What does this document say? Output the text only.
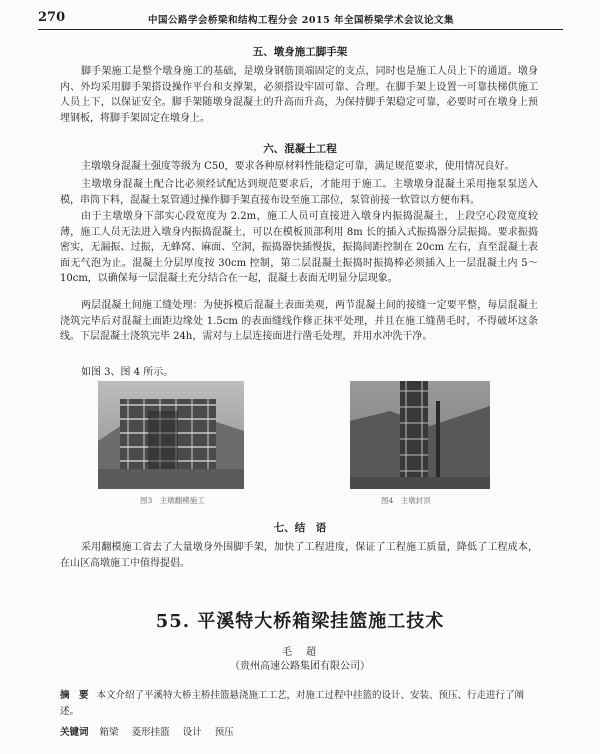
270	中国公路学会桥梁和结构工程分会 2015 年全国桥梁学术会议论文集
五、墩身施工脚手架

脚手架施工是整个墩身施工的基础，是墩身钢筋顶端固定的支点，同时也是施工人员上下的通道。墩身内、外均采用脚手架搭设操作平台和支撑架，必须搭设牢固可靠、合理。在脚手架上设置一可靠扶梯供施工人员上下，以保证安全。脚手架随墩身混凝土的升高而升高，为保持脚手架稳定可靠，必要时可在墩身上预埋钢板，将脚手架固定在墩身上。

六、混凝土工程

主墩墩身混凝土强度等级为 C50，要求各种原材料性能稳定可靠，满足规范要求，使用情况良好。

主墩墩身混凝土配合比必须经试配达到规范要求后，才能用于施工。主墩墩身混凝土采用拖泵泵送入模，串筒下料，混凝土泵管通过操作脚手架直接布设至施工部位，泵管前接一软管以方便布料。

由于主墩墩身下部实心段宽度为 2.2m，施工人员可直接进入墩身内振捣混凝土，上段空心段宽度较薄，施工人员无法进入墩身内振捣混凝土，可以在模板顶部利用 8m 长的插入式振捣器分层振捣。要求振捣密实，无漏振、过振，无蜂窝、麻面、空洞，振捣器快插慢拔，振捣间距控制在 20cm 左右，直至混凝土表面无气泡为止。混凝土分层厚度按 30cm 控制，第二层混凝土振捣时振捣棒必须插入上一层混凝土内 5～10cm，以确保每一层混凝土充分结合在一起，混凝土表面无明显分层现象。

两层混凝土间施工缝处理：为使拆模后混凝土表面美观，两节混凝土间的接缝一定要平整，每层混凝土浇筑完毕后对混凝土面距边缘处 1.5cm 的表面缝线作修正抹平处理，并且在施工缝凿毛时，不得破坏这条线。下层混凝土浇筑完毕 24h，需对与上层连接面进行凿毛处理，并用水冲洗干净。

如图 3、图 4 所示。
图3　主墩翻模施工	图4　主墩封顶
七、结　语

采用翻模施工省去了大量墩身外围脚手架，加快了工程进度，保证了工程施工质量，降低了工程成本，在山区高墩施工中值得提倡。

55. 平溪特大桥箱梁挂篮施工技术
毛　超
（贵州高速公路集团有限公司）

摘　要 本文介绍了平溪特大桥主桥挂篮悬浇施工工艺，对施工过程中挂篮的设计、安装、预压、行走进行了阐述。

关键词 箱梁 菱形挂篮 设计 预压
